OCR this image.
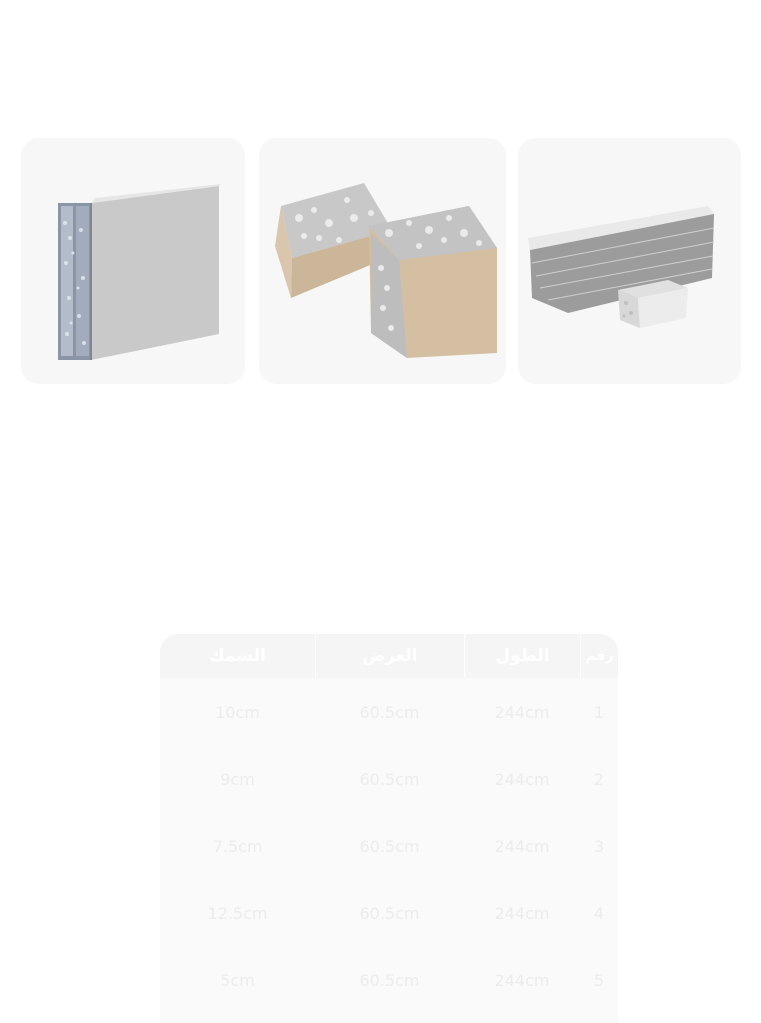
رقم
الطول
العرض
السمك
1
244cm
60.5cm
10cm
2
244cm
60.5cm
9cm
3
244cm
60.5cm
7.5cm
4
244cm
60.5cm
12.5cm
5
244cm
60.5cm
5cm
